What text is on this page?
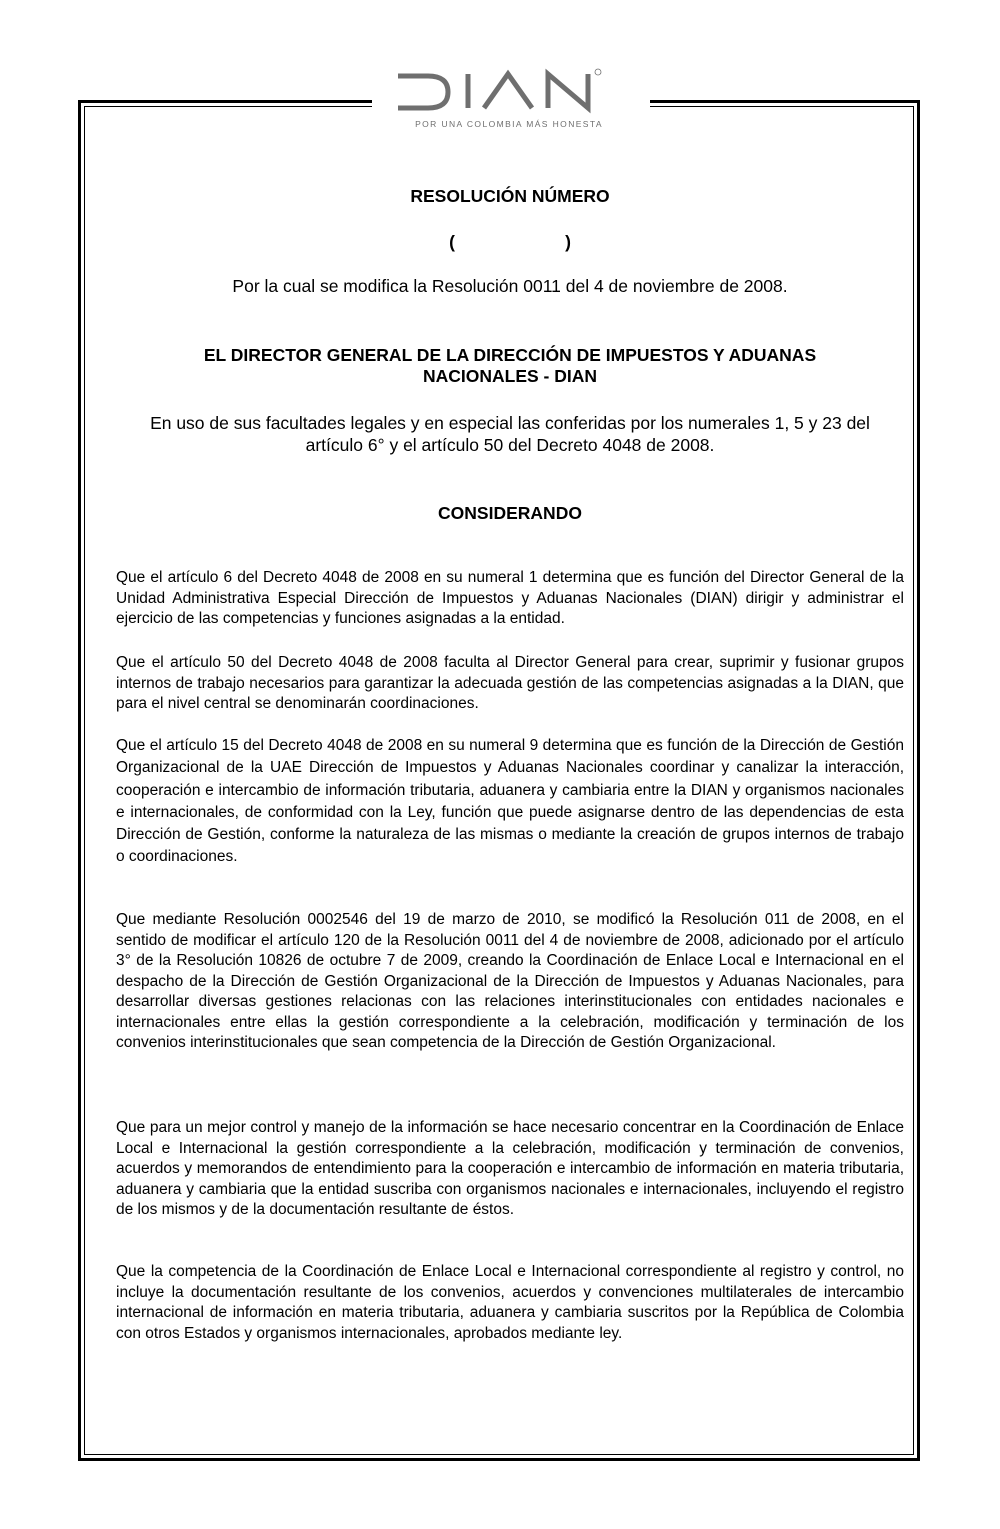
POR UNA COLOMBIA MÁS HONESTA
RESOLUCIÓN NÚMERO
(	)
Por la cual se modifica la Resolución 0011 del 4 de noviembre de 2008.
EL DIRECTOR GENERAL DE LA DIRECCIÓN DE IMPUESTOS Y ADUANAS
NACIONALES - DIAN
En uso de sus facultades legales y en especial las conferidas por los numerales 1, 5 y 23 del artículo 6° y el artículo 50 del Decreto 4048 de 2008.
CONSIDERANDO

Que el artículo 6 del Decreto 4048 de 2008 en su numeral 1 determina que es función del Director General de la Unidad Administrativa Especial Dirección de Impuestos y Aduanas Nacionales (DIAN) dirigir y administrar el ejercicio de las competencias y funciones asignadas a la entidad.

Que el artículo 50 del Decreto 4048 de 2008 faculta al Director General para crear, suprimir y fusionar grupos internos de trabajo necesarios para garantizar la adecuada gestión de las competencias asignadas a la DIAN, que para el nivel central se denominarán coordinaciones.

Que el artículo 15 del Decreto 4048 de 2008 en su numeral 9 determina que es función de la Dirección de Gestión Organizacional de la UAE Dirección de Impuestos y Aduanas Nacionales coordinar y canalizar la interacción, cooperación e intercambio de información tributaria, aduanera y cambiaria entre la DIAN y organismos nacionales e internacionales, de conformidad con la Ley, función que puede asignarse dentro de las dependencias de esta Dirección de Gestión, conforme la naturaleza de las mismas o mediante la creación de grupos internos de trabajo o coordinaciones.

Que mediante Resolución 0002546 del 19 de marzo de 2010, se modificó la Resolución 011 de 2008, en el sentido de modificar el artículo 120 de la Resolución 0011 del 4 de noviembre de 2008, adicionado por el artículo 3° de la Resolución 10826 de octubre 7 de 2009, creando la Coordinación de Enlace Local e Internacional en el despacho de la Dirección de Gestión Organizacional de la Dirección de Impuestos y Aduanas Nacionales, para desarrollar diversas gestiones relacionas con las relaciones interinstitucionales con entidades nacionales e internacionales entre ellas la gestión correspondiente a la celebración, modificación y terminación de los convenios interinstitucionales que sean competencia de la Dirección de Gestión Organizacional.

Que para un mejor control y manejo de la información se hace necesario concentrar en la Coordinación de Enlace Local e Internacional la gestión correspondiente a la celebración, modificación y terminación de convenios, acuerdos y memorandos de entendimiento para la cooperación e intercambio de información en materia tributaria, aduanera y cambiaria que la entidad suscriba con organismos nacionales e internacionales, incluyendo el registro de los mismos y de la documentación resultante de éstos.

Que la competencia de la Coordinación de Enlace Local e Internacional correspondiente al registro y control, no incluye la documentación resultante de los convenios, acuerdos y convenciones multilaterales de intercambio internacional de información en materia tributaria, aduanera y cambiaria suscritos por la República de Colombia con otros Estados y organismos internacionales, aprobados mediante ley.
